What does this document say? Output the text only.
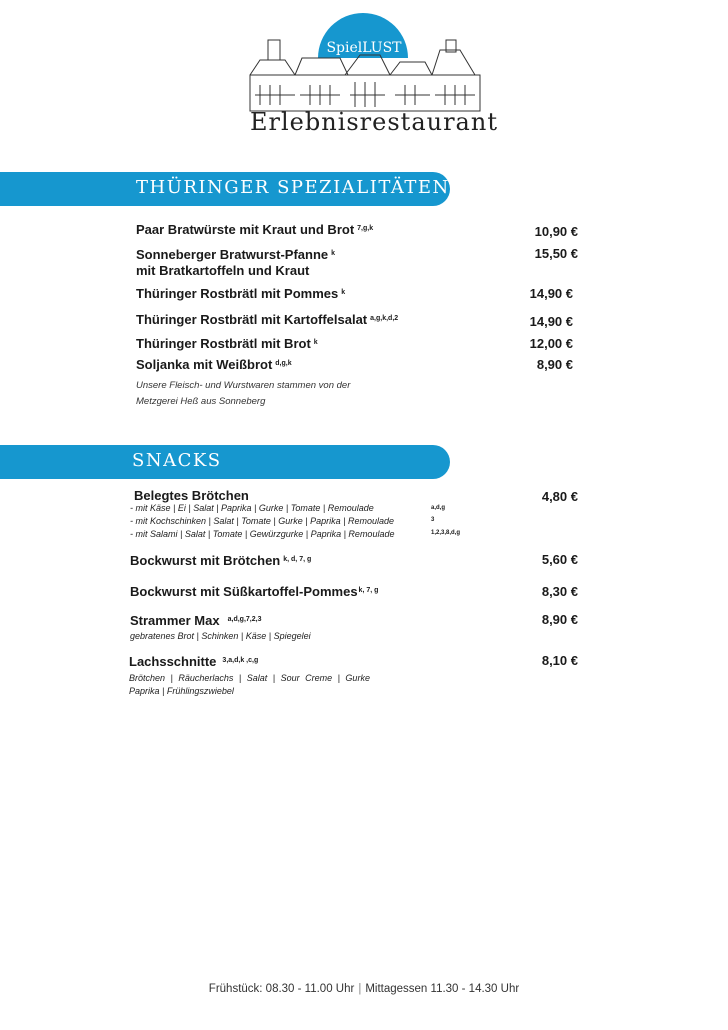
SpielLUST
Erlebnisrestaurant
THÜRINGER SPEZIALITÄTEN
Paar Bratwürste mit Kraut und Brot $^{7,g,k}$	10,90 €
Sonneberger Bratwurst-Pfanne $^k$
mit Bratkartoffeln und Kraut
15,50 €
Thüringer Rostbrätl mit Pommes $^k$	14,90 €
Thüringer Rostbrätl mit Kartoffelsalat $^{a,g,k,d,2}$	14,90 €
Thüringer Rostbrätl mit Brot $^k$	12,00 €
Soljanka mit Weißbrot $^{d,g,k}$	8,90 €
Unsere Fleisch- und Wurstwaren stammen von der
Metzgerei Heß aus Sonneberg
SNACKS
Belegtes Brötchen	4,80 €
- mit Käse | Ei | Salat | Paprika | Gurke | Tomate | Remoulade	a,d,g
- mit Kochschinken | Salat | Tomate | Gurke | Paprika | Remoulade	3
- mit Salami | Salat | Tomate | Gewürzgurke | Paprika | Remoulade	1,2,3,8,d,g
Bockwurst mit Brötchen $^{k, d, 7, g}$	5,60 €
Bockwurst mit Süßkartoffel-Pommes$^{k, 7, g}$	8,30 €
Strammer Max $^{a,d,g,7,2,3}$	8,90 €
gebratenes Brot | Schinken | Käse | Spiegelei
Lachsschnitte $^{3,a,d,k ,c,g}$	8,10 €
Brötchen | Räucherlachs | Salat | Sour Creme | Gurke
Paprika | Frühlingszwiebel
Frühstück: 08.30 - 11.00 Uhr | Mittagessen 11.30 - 14.30 Uhr
